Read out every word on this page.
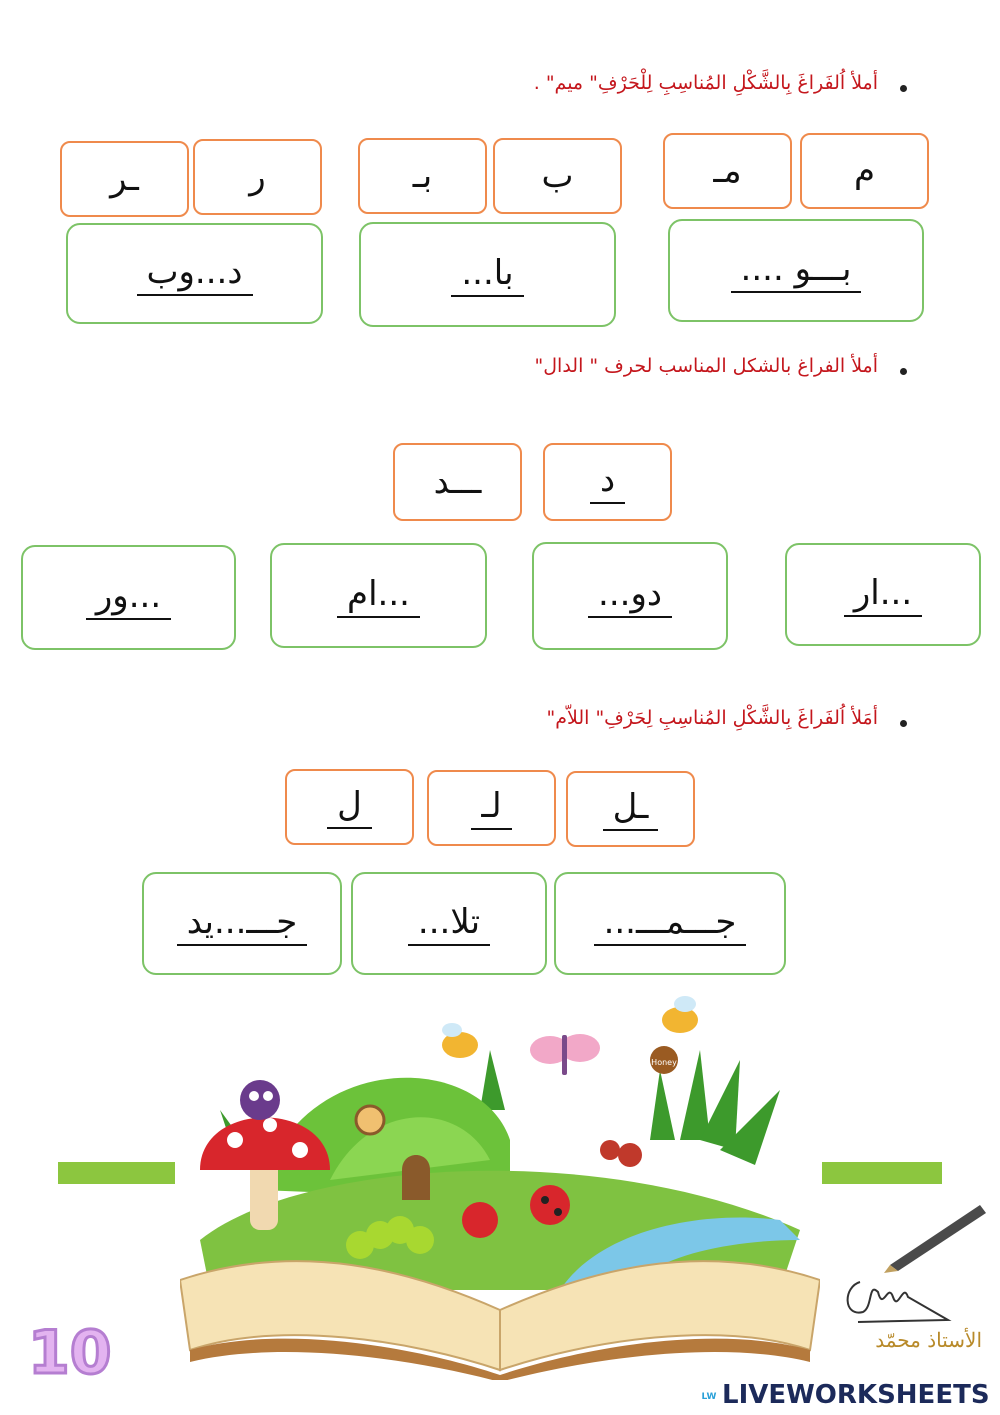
أملأ اُلفَراغَ بِالشَّكْلِ المُناسِبِ لِلْحَرْفِ" ميم" .
م
مـ
ب
بـ
ر
ـر
بـــو ....
با...
د...وب
أملأ الفراغ بالشكل المناسب لحرف " الدال"
د
ـــد
...ار
دو...
...ام
...ور
أمَلأ اُلفَراغَ بِالشَّكْلِ المُناسِبِ لِحَرْفِ" اللاّم"
ـل
لـ
ل
جـــمـــ...
تلا...
جـــ...يد
Honey
الأستاذ محمّد
10
LW LIVEWORKSHEETS
